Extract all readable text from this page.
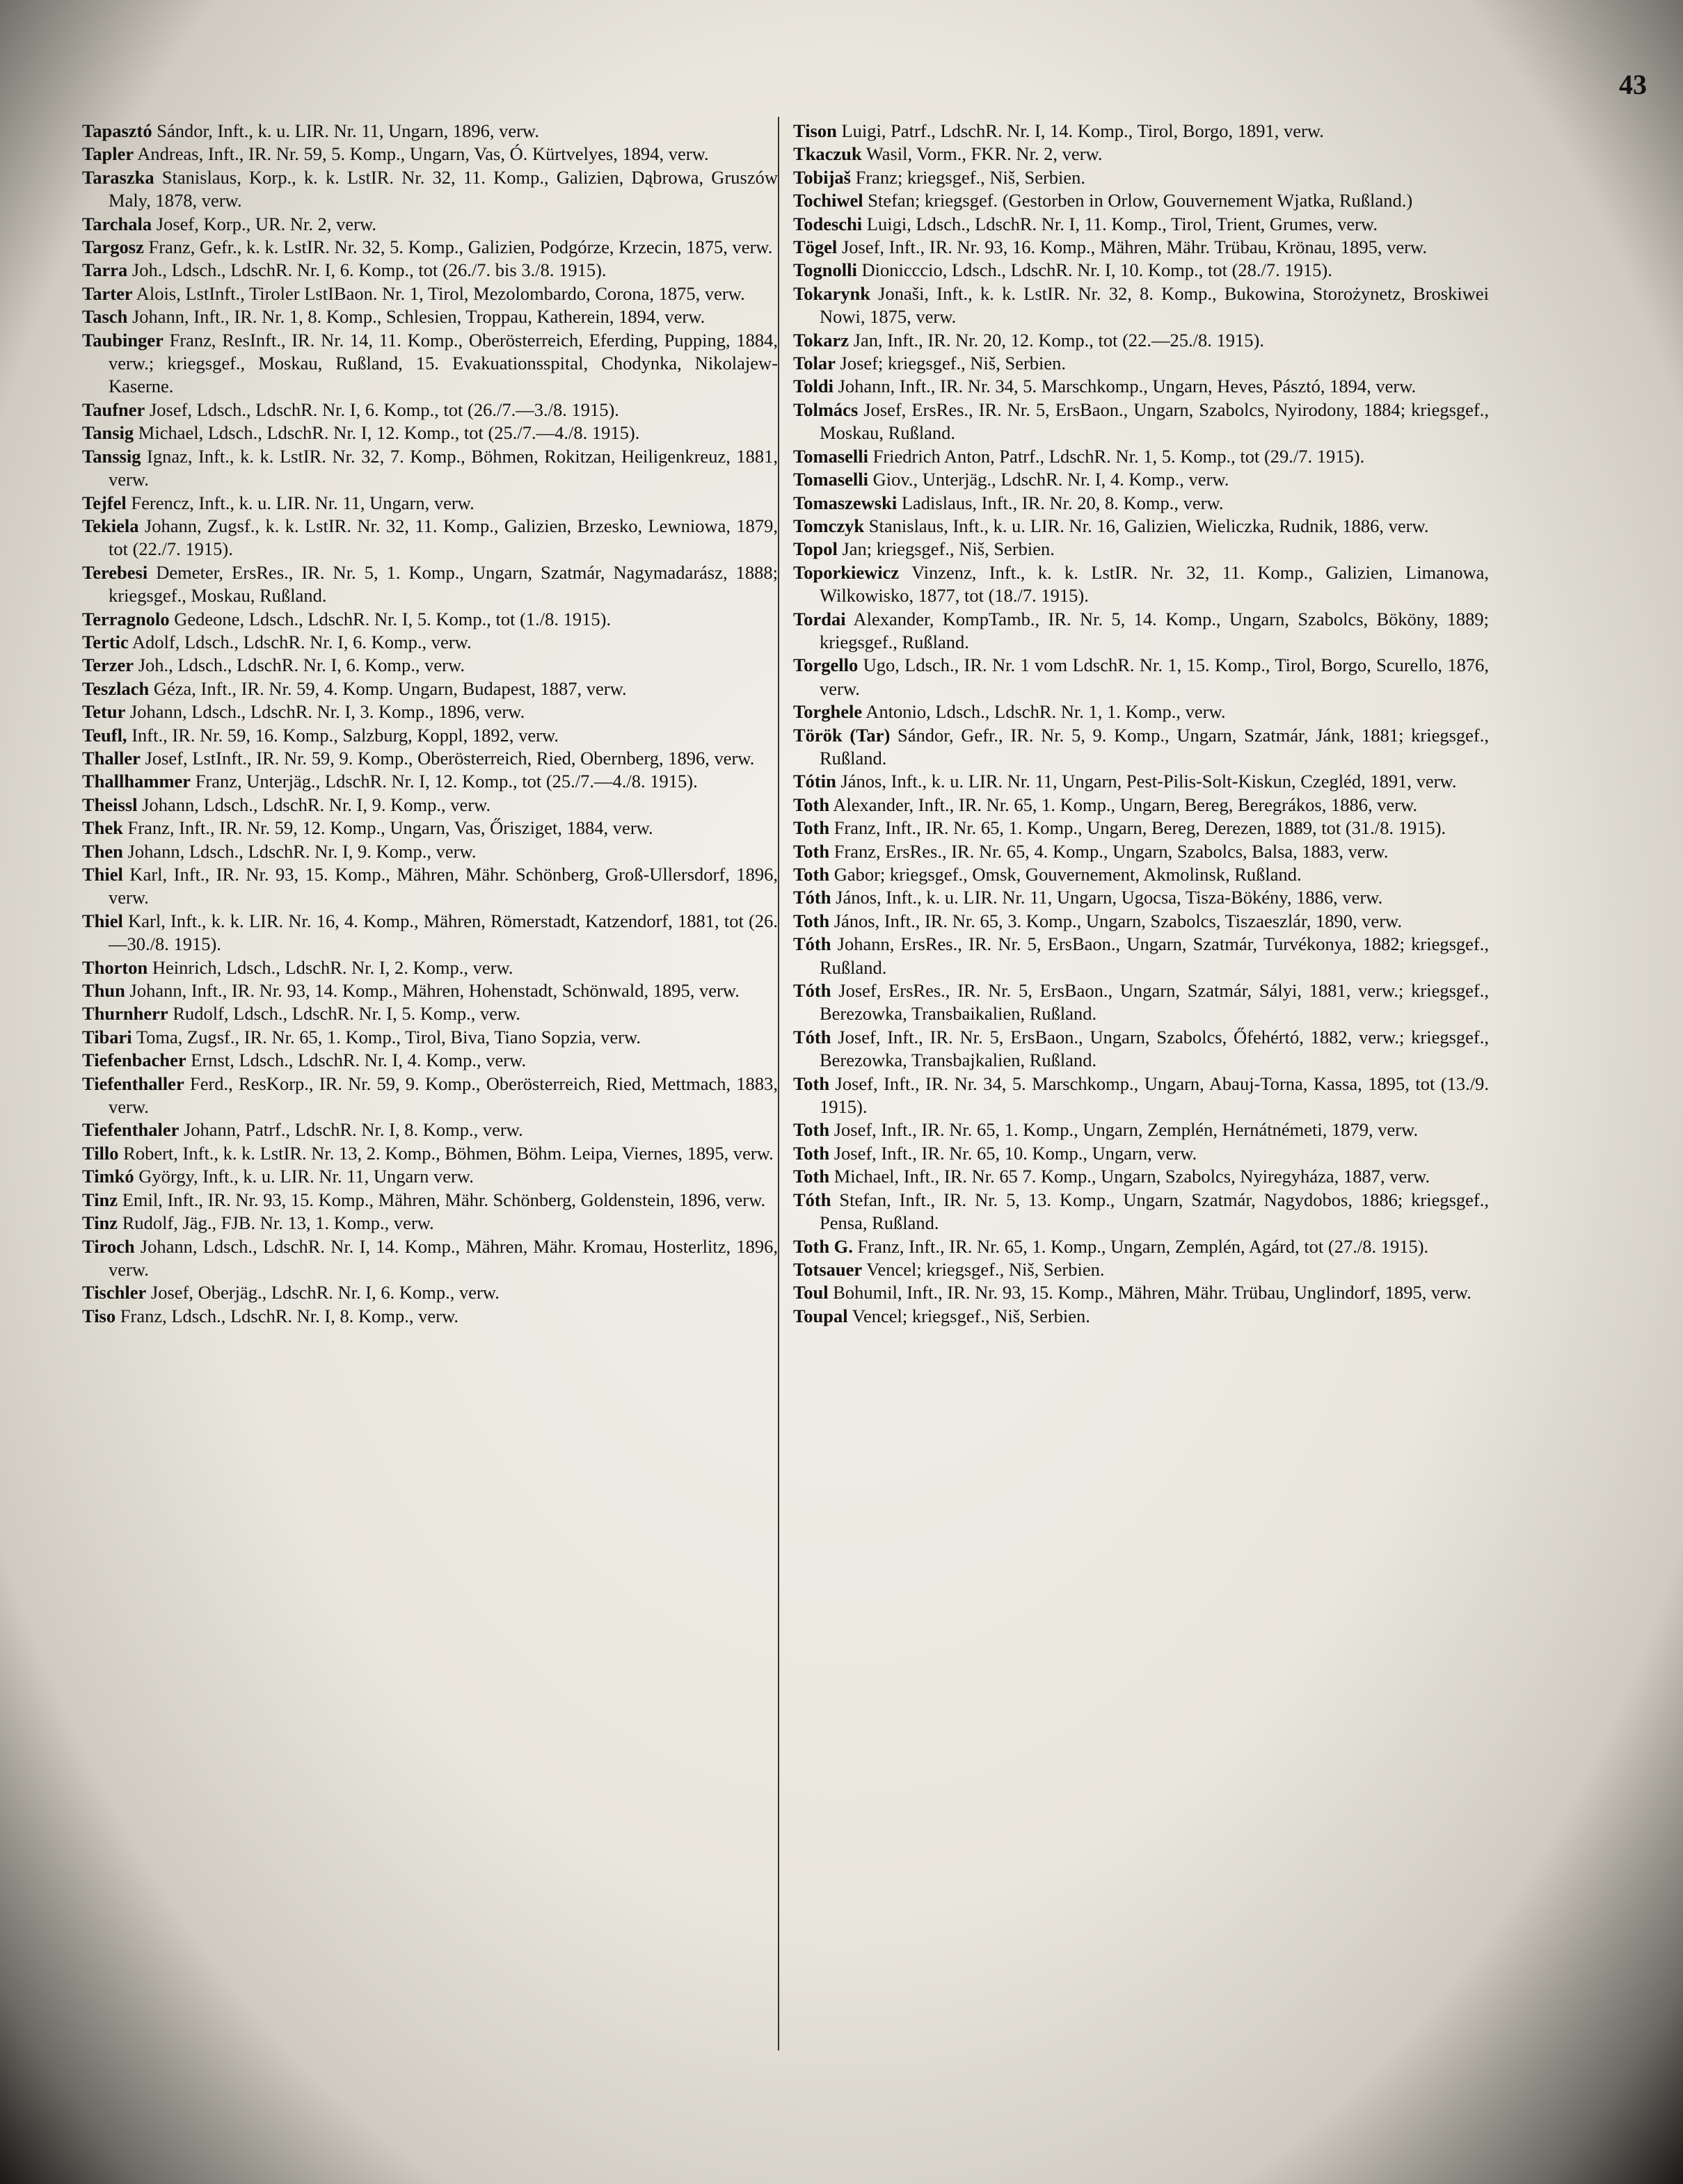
43

Tapasztó Sándor, Inft., k. u. LIR. Nr. 11, Ungarn, 1896, verw.

Tapler Andreas, Inft., IR. Nr. 59, 5. Komp., Ungarn, Vas, Ó. Kürtvelyes, 1894, verw.

Taraszka Stanislaus, Korp., k. k. LstIR. Nr. 32, 11. Komp., Galizien, Dąbrowa, Gruszów Maly, 1878, verw.

Tarchala Josef, Korp., UR. Nr. 2, verw.

Targosz Franz, Gefr., k. k. LstIR. Nr. 32, 5. Komp., Galizien, Podgórze, Krzecin, 1875, verw.

Tarra Joh., Ldsch., LdschR. Nr. I, 6. Komp., tot (26./7. bis 3./8. 1915).

Tarter Alois, LstInft., Tiroler LstIBaon. Nr. 1, Tirol, Mezolombardo, Corona, 1875, verw.

Tasch Johann, Inft., IR. Nr. 1, 8. Komp., Schlesien, Troppau, Katherein, 1894, verw.

Taubinger Franz, ResInft., IR. Nr. 14, 11. Komp., Oberösterreich, Eferding, Pupping, 1884, verw.; kriegsgef., Moskau, Rußland, 15. Evakuationsspital, Chodynka, Nikolajew-Kaserne.

Taufner Josef, Ldsch., LdschR. Nr. I, 6. Komp., tot (26./7.—3./8. 1915).

Tansig Michael, Ldsch., LdschR. Nr. I, 12. Komp., tot (25./7.—4./8. 1915).

Tanssig Ignaz, Inft., k. k. LstIR. Nr. 32, 7. Komp., Böhmen, Rokitzan, Heiligenkreuz, 1881, verw.

Tejfel Ferencz, Inft., k. u. LIR. Nr. 11, Ungarn, verw.

Tekiela Johann, Zugsf., k. k. LstIR. Nr. 32, 11. Komp., Galizien, Brzesko, Lewniowa, 1879, tot (22./7. 1915).

Terebesi Demeter, ErsRes., IR. Nr. 5, 1. Komp., Ungarn, Szatmár, Nagymadarász, 1888; kriegsgef., Moskau, Rußland.

Terragnolo Gedeone, Ldsch., LdschR. Nr. I, 5. Komp., tot (1./8. 1915).

Tertic Adolf, Ldsch., LdschR. Nr. I, 6. Komp., verw.

Terzer Joh., Ldsch., LdschR. Nr. I, 6. Komp., verw.

Teszlach Géza, Inft., IR. Nr. 59, 4. Komp. Ungarn, Budapest, 1887, verw.

Tetur Johann, Ldsch., LdschR. Nr. I, 3. Komp., 1896, verw.

Teufl, Inft., IR. Nr. 59, 16. Komp., Salzburg, Koppl, 1892, verw.

Thaller Josef, LstInft., IR. Nr. 59, 9. Komp., Oberösterreich, Ried, Obernberg, 1896, verw.

Thallhammer Franz, Unterjäg., LdschR. Nr. I, 12. Komp., tot (25./7.—4./8. 1915).

Theissl Johann, Ldsch., LdschR. Nr. I, 9. Komp., verw.

Thek Franz, Inft., IR. Nr. 59, 12. Komp., Ungarn, Vas, Őrisziget, 1884, verw.

Then Johann, Ldsch., LdschR. Nr. I, 9. Komp., verw.

Thiel Karl, Inft., IR. Nr. 93, 15. Komp., Mähren, Mähr. Schönberg, Groß-Ullersdorf, 1896, verw.

Thiel Karl, Inft., k. k. LIR. Nr. 16, 4. Komp., Mähren, Römerstadt, Katzendorf, 1881, tot (26.—30./8. 1915).

Thorton Heinrich, Ldsch., LdschR. Nr. I, 2. Komp., verw.

Thun Johann, Inft., IR. Nr. 93, 14. Komp., Mähren, Hohenstadt, Schönwald, 1895, verw.

Thurnherr Rudolf, Ldsch., LdschR. Nr. I, 5. Komp., verw.

Tibari Toma, Zugsf., IR. Nr. 65, 1. Komp., Tirol, Biva, Tiano Sopzia, verw.

Tiefenbacher Ernst, Ldsch., LdschR. Nr. I, 4. Komp., verw.

Tiefenthaller Ferd., ResKorp., IR. Nr. 59, 9. Komp., Oberösterreich, Ried, Mettmach, 1883, verw.

Tiefenthaler Johann, Patrf., LdschR. Nr. I, 8. Komp., verw.

Tillo Robert, Inft., k. k. LstIR. Nr. 13, 2. Komp., Böhmen, Böhm. Leipa, Viernes, 1895, verw.

Timkó György, Inft., k. u. LIR. Nr. 11, Ungarn verw.

Tinz Emil, Inft., IR. Nr. 93, 15. Komp., Mähren, Mähr. Schönberg, Goldenstein, 1896, verw.

Tinz Rudolf, Jäg., FJB. Nr. 13, 1. Komp., verw.

Tiroch Johann, Ldsch., LdschR. Nr. I, 14. Komp., Mähren, Mähr. Kromau, Hosterlitz, 1896, verw.

Tischler Josef, Oberjäg., LdschR. Nr. I, 6. Komp., verw.

Tiso Franz, Ldsch., LdschR. Nr. I, 8. Komp., verw.

Tison Luigi, Patrf., LdschR. Nr. I, 14. Komp., Tirol, Borgo, 1891, verw.

Tkaczuk Wasil, Vorm., FKR. Nr. 2, verw.

Tobijaš Franz; kriegsgef., Niš, Serbien.

Tochiwel Stefan; kriegsgef. (Gestorben in Orlow, Gouvernement Wjatka, Rußland.)

Todeschi Luigi, Ldsch., LdschR. Nr. I, 11. Komp., Tirol, Trient, Grumes, verw.

Tögel Josef, Inft., IR. Nr. 93, 16. Komp., Mähren, Mähr. Trübau, Krönau, 1895, verw.

Tognolli Dionicccio, Ldsch., LdschR. Nr. I, 10. Komp., tot (28./7. 1915).

Tokarynk Jonaši, Inft., k. k. LstIR. Nr. 32, 8. Komp., Bukowina, Storożynetz, Broskiwei Nowi, 1875, verw.

Tokarz Jan, Inft., IR. Nr. 20, 12. Komp., tot (22.—25./8. 1915).

Tolar Josef; kriegsgef., Niš, Serbien.

Toldi Johann, Inft., IR. Nr. 34, 5. Marschkomp., Ungarn, Heves, Pásztó, 1894, verw.

Tolmács Josef, ErsRes., IR. Nr. 5, ErsBaon., Ungarn, Szabolcs, Nyirodony, 1884; kriegsgef., Moskau, Rußland.

Tomaselli Friedrich Anton, Patrf., LdschR. Nr. 1, 5. Komp., tot (29./7. 1915).

Tomaselli Giov., Unterjäg., LdschR. Nr. I, 4. Komp., verw.

Tomaszewski Ladislaus, Inft., IR. Nr. 20, 8. Komp., verw.

Tomczyk Stanislaus, Inft., k. u. LIR. Nr. 16, Galizien, Wieliczka, Rudnik, 1886, verw.

Topol Jan; kriegsgef., Niš, Serbien.

Toporkiewicz Vinzenz, Inft., k. k. LstIR. Nr. 32, 11. Komp., Galizien, Limanowa, Wilkowisko, 1877, tot (18./7. 1915).

Tordai Alexander, KompTamb., IR. Nr. 5, 14. Komp., Ungarn, Szabolcs, Bököny, 1889; kriegsgef., Rußland.

Torgello Ugo, Ldsch., IR. Nr. 1 vom LdschR. Nr. 1, 15. Komp., Tirol, Borgo, Scurello, 1876, verw.

Torghele Antonio, Ldsch., LdschR. Nr. 1, 1. Komp., verw.

Török (Tar) Sándor, Gefr., IR. Nr. 5, 9. Komp., Ungarn, Szatmár, Jánk, 1881; kriegsgef., Rußland.

Tótin János, Inft., k. u. LIR. Nr. 11, Ungarn, Pest-Pilis-Solt-Kiskun, Czegléd, 1891, verw.

Toth Alexander, Inft., IR. Nr. 65, 1. Komp., Ungarn, Bereg, Beregrákos, 1886, verw.

Toth Franz, Inft., IR. Nr. 65, 1. Komp., Ungarn, Bereg, Derezen, 1889, tot (31./8. 1915).

Toth Franz, ErsRes., IR. Nr. 65, 4. Komp., Ungarn, Szabolcs, Balsa, 1883, verw.

Toth Gabor; kriegsgef., Omsk, Gouvernement, Akmolinsk, Rußland.

Tóth János, Inft., k. u. LIR. Nr. 11, Ungarn, Ugocsa, Tisza-Bökény, 1886, verw.

Toth János, Inft., IR. Nr. 65, 3. Komp., Ungarn, Szabolcs, Tiszaeszlár, 1890, verw.

Tóth Johann, ErsRes., IR. Nr. 5, ErsBaon., Ungarn, Szatmár, Turvékonya, 1882; kriegsgef., Rußland.

Tóth Josef, ErsRes., IR. Nr. 5, ErsBaon., Ungarn, Szatmár, Sályi, 1881, verw.; kriegsgef., Berezowka, Transbaikalien, Rußland.

Tóth Josef, Inft., IR. Nr. 5, ErsBaon., Ungarn, Szabolcs, Őfehértó, 1882, verw.; kriegsgef., Berezowka, Transbajkalien, Rußland.

Toth Josef, Inft., IR. Nr. 34, 5. Marschkomp., Ungarn, Abauj-Torna, Kassa, 1895, tot (13./9. 1915).

Toth Josef, Inft., IR. Nr. 65, 1. Komp., Ungarn, Zemplén, Hernátnémeti, 1879, verw.

Toth Josef, Inft., IR. Nr. 65, 10. Komp., Ungarn, verw.

Toth Michael, Inft., IR. Nr. 65 7. Komp., Ungarn, Szabolcs, Nyiregyháza, 1887, verw.

Tóth Stefan, Inft., IR. Nr. 5, 13. Komp., Ungarn, Szatmár, Nagydobos, 1886; kriegsgef., Pensa, Rußland.

Toth G. Franz, Inft., IR. Nr. 65, 1. Komp., Ungarn, Zemplén, Agárd, tot (27./8. 1915).

Totsauer Vencel; kriegsgef., Niš, Serbien.

Toul Bohumil, Inft., IR. Nr. 93, 15. Komp., Mähren, Mähr. Trübau, Unglindorf, 1895, verw.

Toupal Vencel; kriegsgef., Niš, Serbien.
